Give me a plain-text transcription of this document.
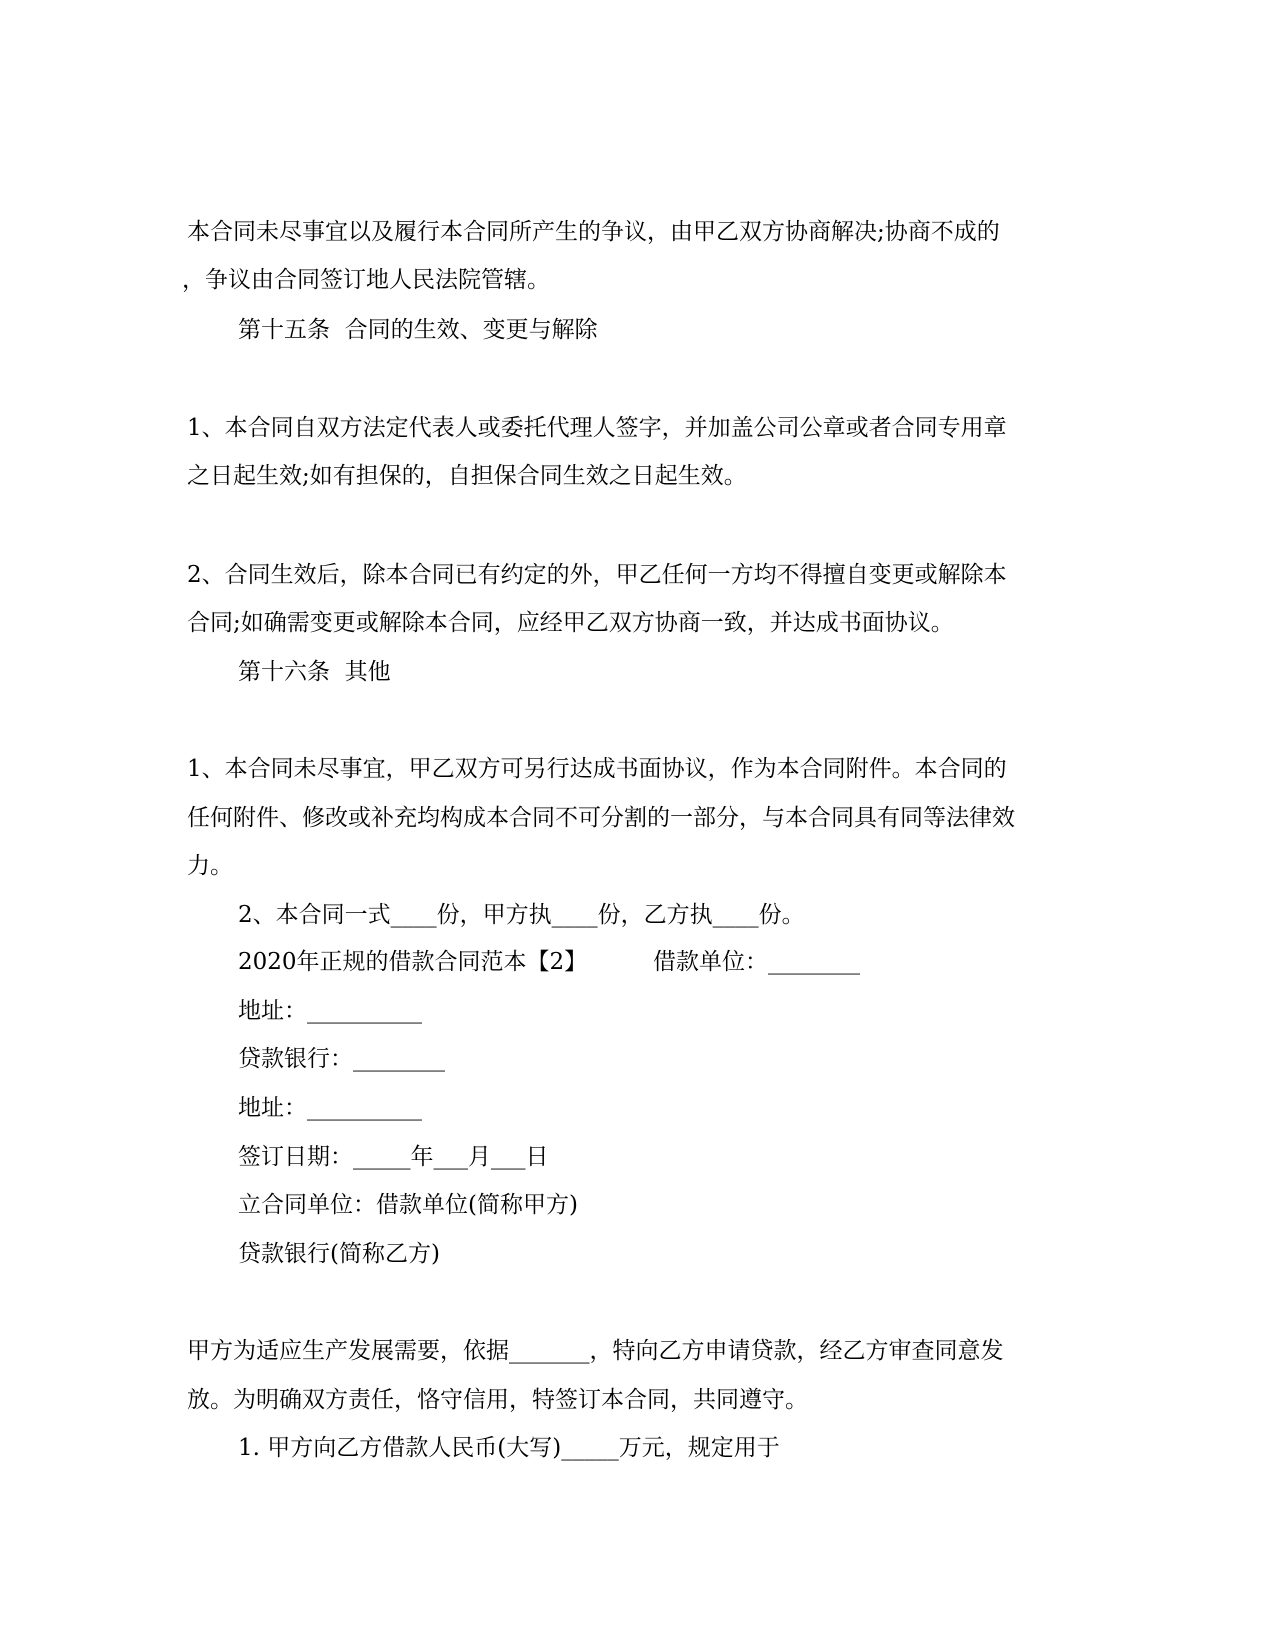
本合同未尽事宜以及履行本合同所产生的争议，由甲乙双方协商解决;协商不成的
，争议由合同签订地人民法院管辖。
第十五条  合同的生效、变更与解除
1、本合同自双方法定代表人或委托代理人签字，并加盖公司公章或者合同专用章
之日起生效;如有担保的，自担保合同生效之日起生效。
2、合同生效后，除本合同已有约定的外，甲乙任何一方均不得擅自变更或解除本
合同;如确需变更或解除本合同，应经甲乙双方协商一致，并达成书面协议。
第十六条  其他
1、本合同未尽事宜，甲乙双方可另行达成书面协议，作为本合同附件。本合同的
任何附件、修改或补充均构成本合同不可分割的一部分，与本合同具有同等法律效
力。
2、本合同一式____份，甲方执____份，乙方执____份。
2020年正规的借款合同范本【2】         借款单位：________
地址：__________
贷款银行：________
地址：__________
签订日期：_____年___月___日
立合同单位：借款单位(简称甲方)
贷款银行(简称乙方)
甲方为适应生产发展需要，依据_______，特向乙方申请贷款，经乙方审查同意发
放。为明确双方责任，恪守信用，特签订本合同，共同遵守。
1. 甲方向乙方借款人民币(大写)_____万元，规定用于
